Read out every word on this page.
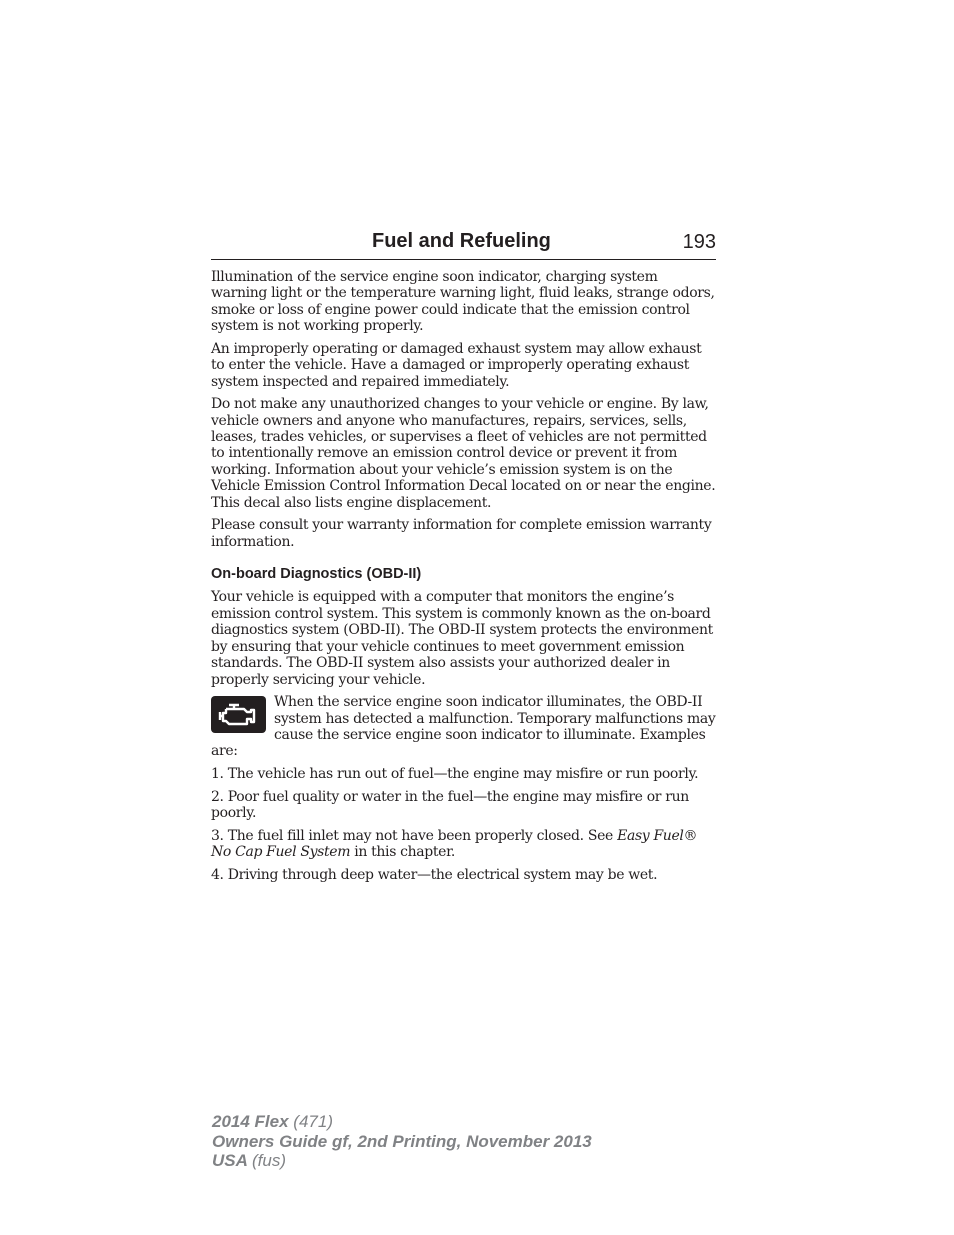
Fuel and Refueling	193

Illumination of the service engine soon indicator, charging system warning light or the temperature warning light, fluid leaks, strange odors, smoke or loss of engine power could indicate that the emission control system is not working properly.

An improperly operating or damaged exhaust system may allow exhaust to enter the vehicle. Have a damaged or improperly operating exhaust system inspected and repaired immediately.

Do not make any unauthorized changes to your vehicle or engine. By law, vehicle owners and anyone who manufactures, repairs, services, sells, leases, trades vehicles, or supervises a fleet of vehicles are not permitted to intentionally remove an emission control device or prevent it from working. Information about your vehicle’s emission system is on the Vehicle Emission Control Information Decal located on or near the engine. This decal also lists engine displacement.

Please consult your warranty information for complete emission warranty information.

On-board Diagnostics (OBD-II)

Your vehicle is equipped with a computer that monitors the engine’s emission control system. This system is commonly known as the on-board diagnostics system (OBD-II). The OBD-II system protects the environment by ensuring that your vehicle continues to meet government emission standards. The OBD-II system also assists your authorized dealer in properly servicing your vehicle.

When the service engine soon indicator illuminates, the OBD-II system has detected a malfunction. Temporary malfunctions may cause the service engine soon indicator to illuminate. Examples are:

1. The vehicle has run out of fuel—the engine may misfire or run poorly.

2. Poor fuel quality or water in the fuel—the engine may misfire or run poorly.

3. The fuel fill inlet may not have been properly closed. See Easy Fuel® No Cap Fuel System in this chapter.

4. Driving through deep water—the electrical system may be wet.

2014 Flex (471)
Owners Guide gf, 2nd Printing, November 2013
USA (fus)
